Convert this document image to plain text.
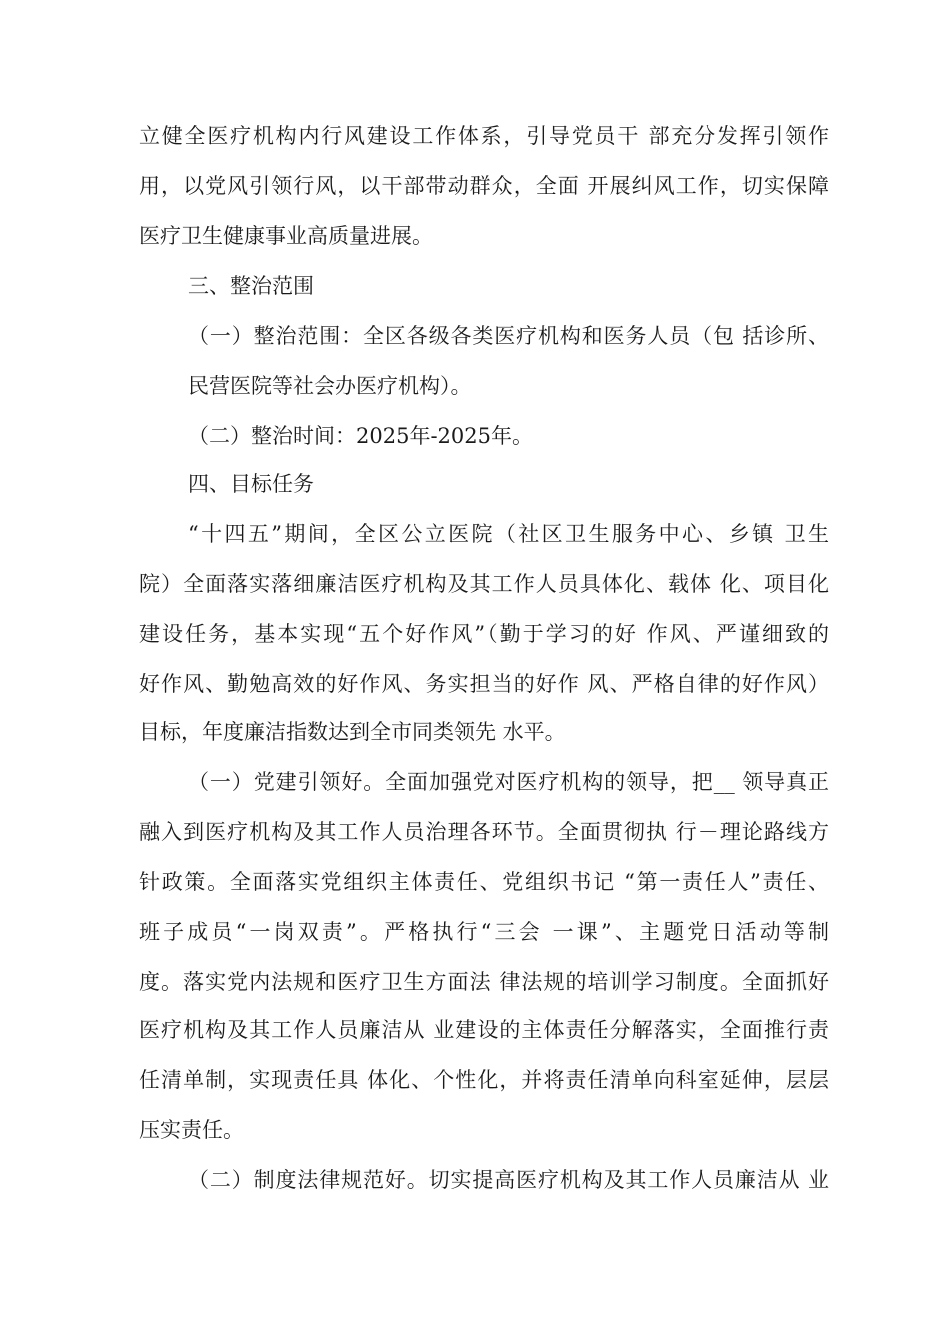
立健全医疗机构内行风建设工作体系，引导党员干 部充分发挥引领作
用，以党风引领行风，以干部带动群众，全面 开展纠风工作，切实保障
医疗卫生健康事业高质量进展。
三、整治范围
（一）整治范围：全区各级各类医疗机构和医务人员（包 括诊所、
民营医院等社会办医疗机构）。
（二）整治时间：2025年-2025年。
四、目标任务
“十四五”期间，全区公立医院（社区卫生服务中心、乡镇 卫生
院）全面落实落细廉洁医疗机构及其工作人员具体化、载体 化、项目化
建设任务，基本实现“五个好作风”（勤于学习的好 作风、严谨细致的
好作风、勤勉高效的好作风、务实担当的好作 风、严格自律的好作风）
目标，年度廉洁指数达到全市同类领先 水平。
（一）党建引领好。全面加强党对医疗机构的领导，把__ 领导真正
融入到医疗机构及其工作人员治理各环节。全面贯彻执 行－理论路线方
针政策。全面落实党组织主体责任、党组织书记 “第一责任人”责任、
班子成员“一岗双责”。严格执行“三会 一课”、主题党日活动等制
度。落实党内法规和医疗卫生方面法 律法规的培训学习制度。全面抓好
医疗机构及其工作人员廉洁从 业建设的主体责任分解落实，全面推行责
任清单制，实现责任具 体化、个性化，并将责任清单向科室延伸，层层
压实责任。
（二）制度法律规范好。切实提高医疗机构及其工作人员廉洁从 业
